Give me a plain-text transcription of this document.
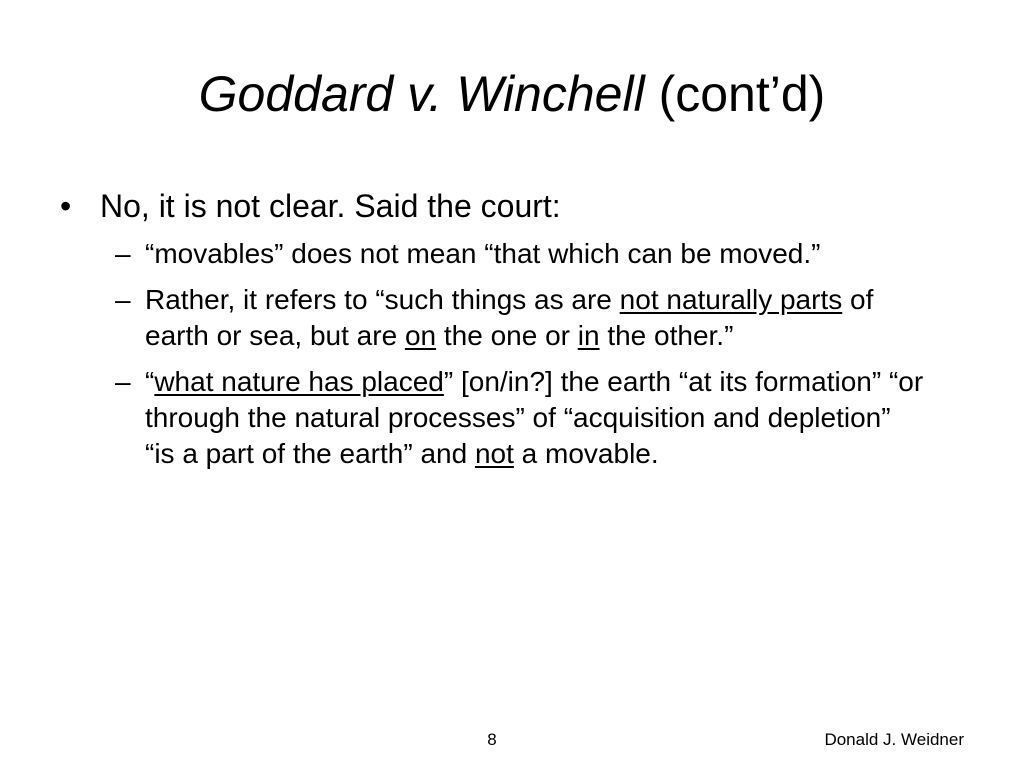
Goddard v. Winchell (cont’d)
• No, it is not clear. Said the court:
– “movables” does not mean “that which can be moved.”
– Rather, it refers to “such things as are not naturally parts of earth or sea, but are on the one or in the other.”
– “what nature has placed” [on/in?] the earth “at its formation” “or through the natural processes” of “acquisition and depletion” “is a part of the earth” and not a movable.
8	Donald J. Weidner
